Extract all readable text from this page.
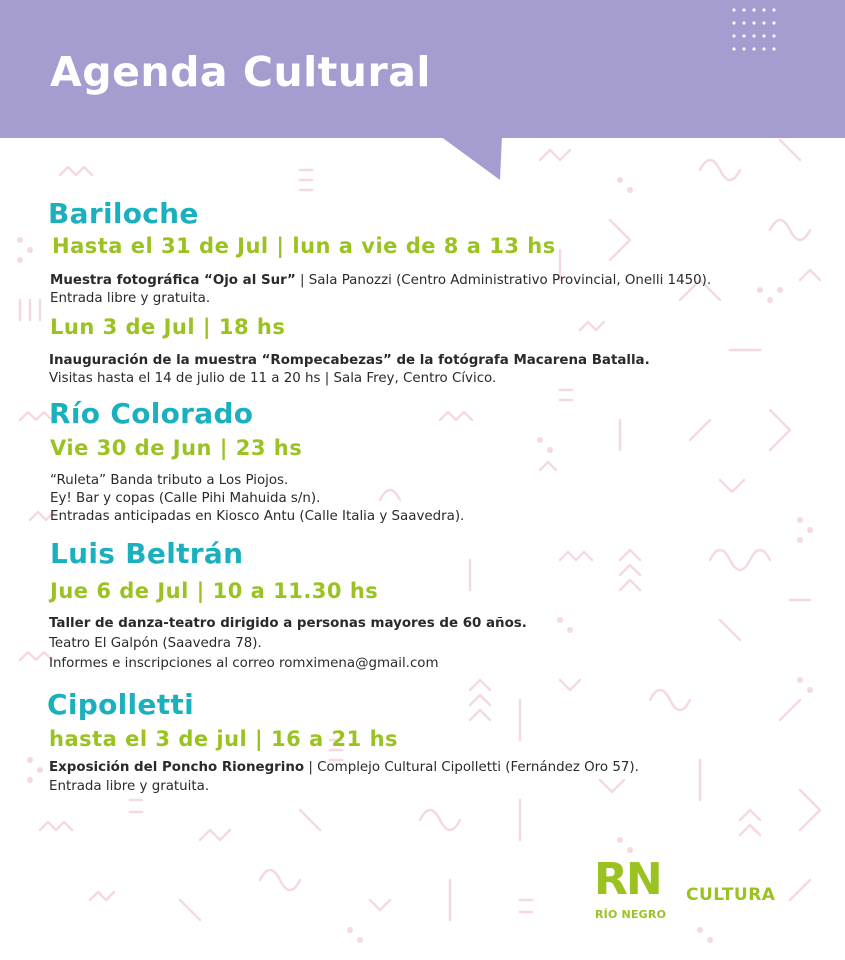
Agenda Cultural
Bariloche
Hasta el 31 de Jul | lun a vie de 8 a 13 hs

Muestra fotográfica “Ojo al Sur” | Sala Panozzi (Centro Administrativo Provincial, Onelli 1450).

Entrada libre y gratuita.

Lun 3 de Jul | 18 hs

Inauguración de la muestra “Rompecabezas” de la fotógrafa Macarena Batalla.

Visitas hasta el 14 de julio de 11 a 20 hs | Sala Frey, Centro Cívico.

Río Colorado
Vie 30 de Jun | 23 hs

“Ruleta” Banda tributo a Los Piojos.

Ey! Bar y copas (Calle Pihi Mahuida s/n).

Entradas anticipadas en Kiosco Antu (Calle Italia y Saavedra).

Luis Beltrán
Jue 6 de Jul | 10 a 11.30 hs

Taller de danza-teatro dirigido a personas mayores de 60 años.

Teatro El Galpón (Saavedra 78).

Informes e inscripciones al correo romximena@gmail.com

Cipolletti
hasta el 3 de jul | 16 a 21 hs

Exposición del Poncho Rionegrino | Complejo Cultural Cipolletti (Fernández Oro 57).

Entrada libre y gratuita.

RN
RÍO NEGRO
CULTURA
